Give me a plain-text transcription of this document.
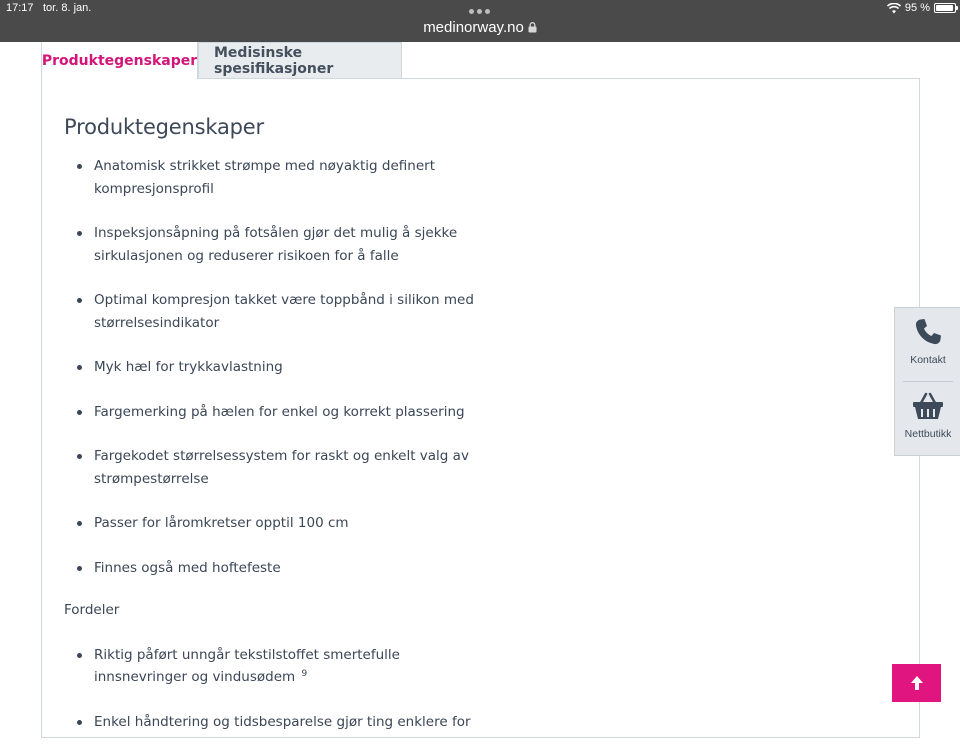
17:17 tor. 8. jan.	95 %
medinorway.no
Produktegenskaper	Medisinske spesifikasjoner
Produktegenskaper
Anatomisk strikket strømpe med nøyaktig definert kompresjonsprofil
Inspeksjonsåpning på fotsålen gjør det mulig å sjekke sirkulasjonen og reduserer risikoen for å falle
Optimal kompresjon takket være toppbånd i silikon med størrelsesindikator
Myk hæl for trykkavlastning
Fargemerking på hælen for enkel og korrekt plassering
Fargekodet størrelsessystem for raskt og enkelt valg av strømpestørrelse
Passer for låromkretser opptil 100 cm
Finnes også med hoftefeste

Fordeler

Riktig påført unngår tekstilstoffet smertefulle innsnevringer og vindusødem $^9$
Enkel håndtering og tidsbesparelse gjør ting enklere for
Kontakt
Nettbutikk
